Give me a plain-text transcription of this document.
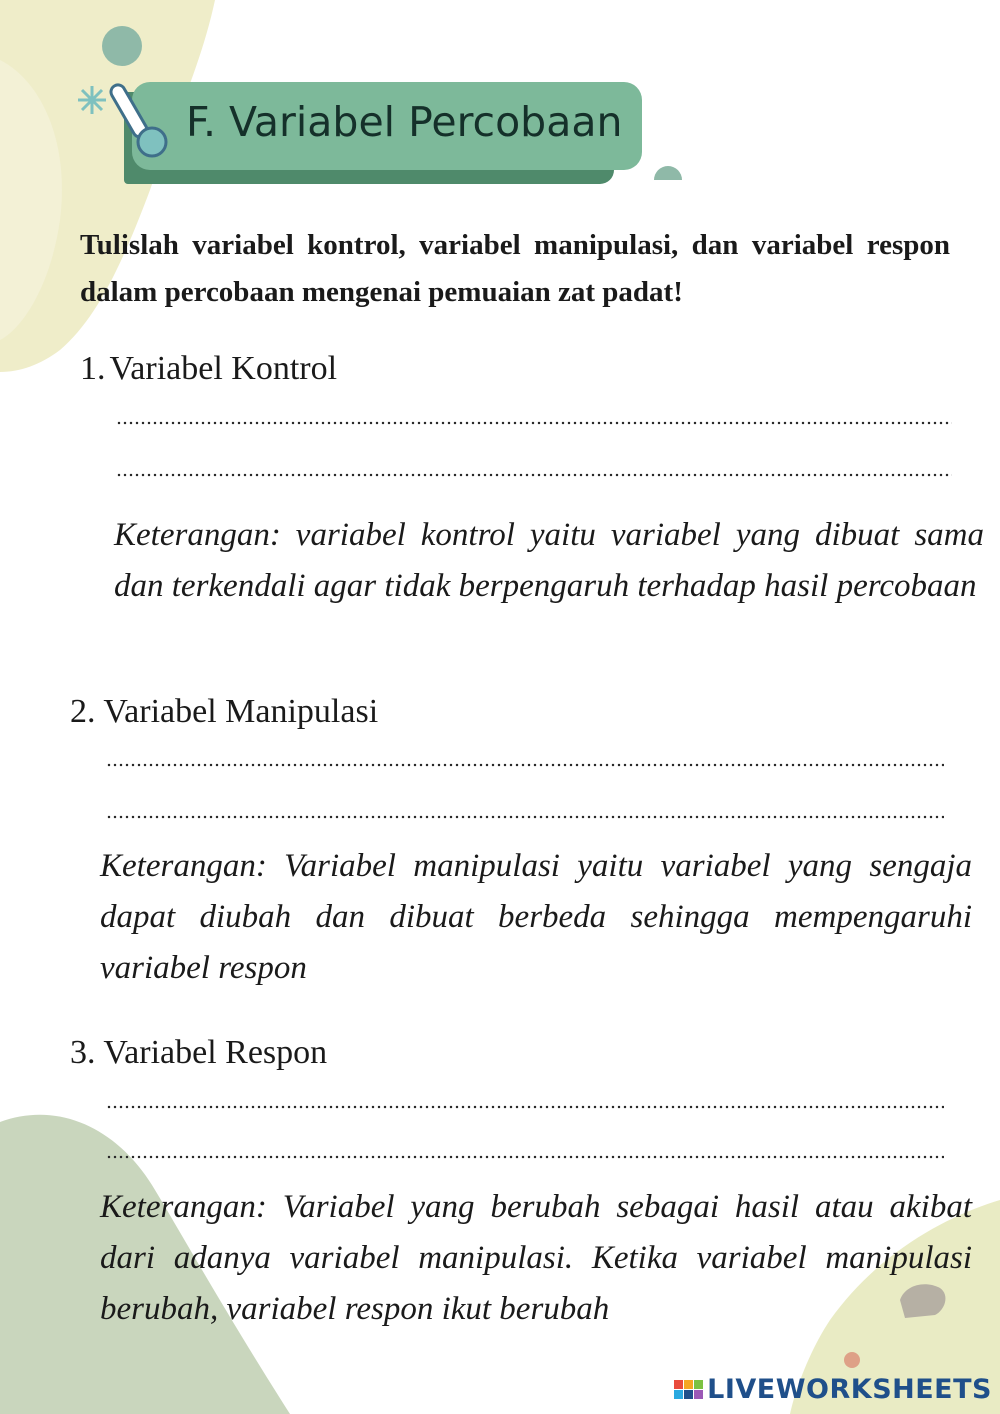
F. Variabel Percobaan
Tulislah variabel kontrol, variabel manipulasi, dan variabel respon dalam percobaan mengenai pemuaian zat padat!
1. Variabel Kontrol
Keterangan: variabel kontrol yaitu variabel yang dibuat sama dan terkendali agar tidak berpengaruh terhadap hasil percobaan
2. Variabel Manipulasi
Keterangan: Variabel manipulasi yaitu variabel yang sengaja dapat diubah dan dibuat berbeda sehingga mempengaruhi variabel respon
3. Variabel Respon
Keterangan: Variabel yang berubah sebagai hasil atau akibat dari adanya variabel manipulasi. Ketika variabel manipulasi berubah, variabel respon ikut berubah
LIVEWORKSHEETS
